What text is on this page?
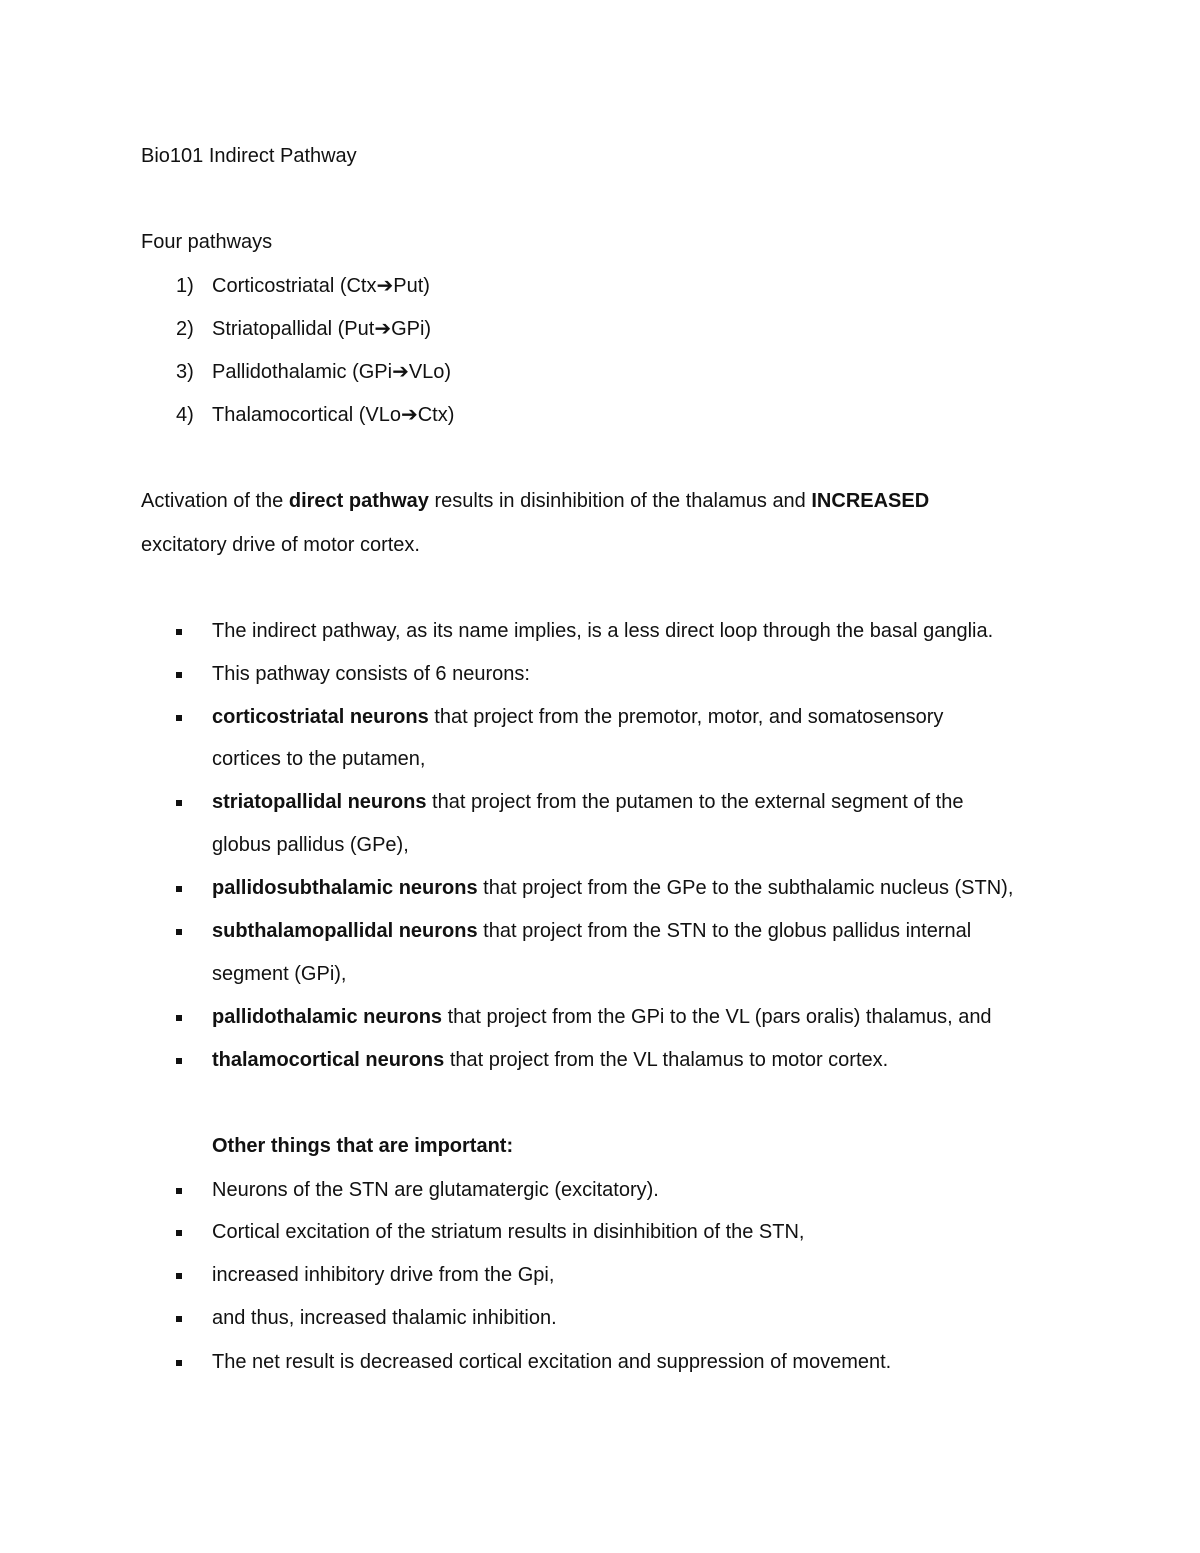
Bio101 Indirect Pathway
Four pathways
1) Corticostriatal (Ctx➔Put)
2) Striatopallidal (Put➔GPi)
3) Pallidothalamic (GPi➔VLo)
4) Thalamocortical (VLo➔Ctx)
Activation of the direct pathway results in disinhibition of the thalamus and INCREASED
excitatory drive of motor cortex.
The indirect pathway, as its name implies, is a less direct loop through the basal ganglia.
This pathway consists of 6 neurons:
corticostriatal neurons that project from the premotor, motor, and somatosensory
cortices to the putamen,
striatopallidal neurons that project from the putamen to the external segment of the
globus pallidus (GPe),
pallidosubthalamic neurons that project from the GPe to the subthalamic nucleus (STN),
subthalamopallidal neurons that project from the STN to the globus pallidus internal
segment (GPi),
pallidothalamic neurons that project from the GPi to the VL (pars oralis) thalamus, and
thalamocortical neurons that project from the VL thalamus to motor cortex.
Other things that are important:
Neurons of the STN are glutamatergic (excitatory).
Cortical excitation of the striatum results in disinhibition of the STN,
increased inhibitory drive from the Gpi,
and thus, increased thalamic inhibition.
The net result is decreased cortical excitation and suppression of movement.
